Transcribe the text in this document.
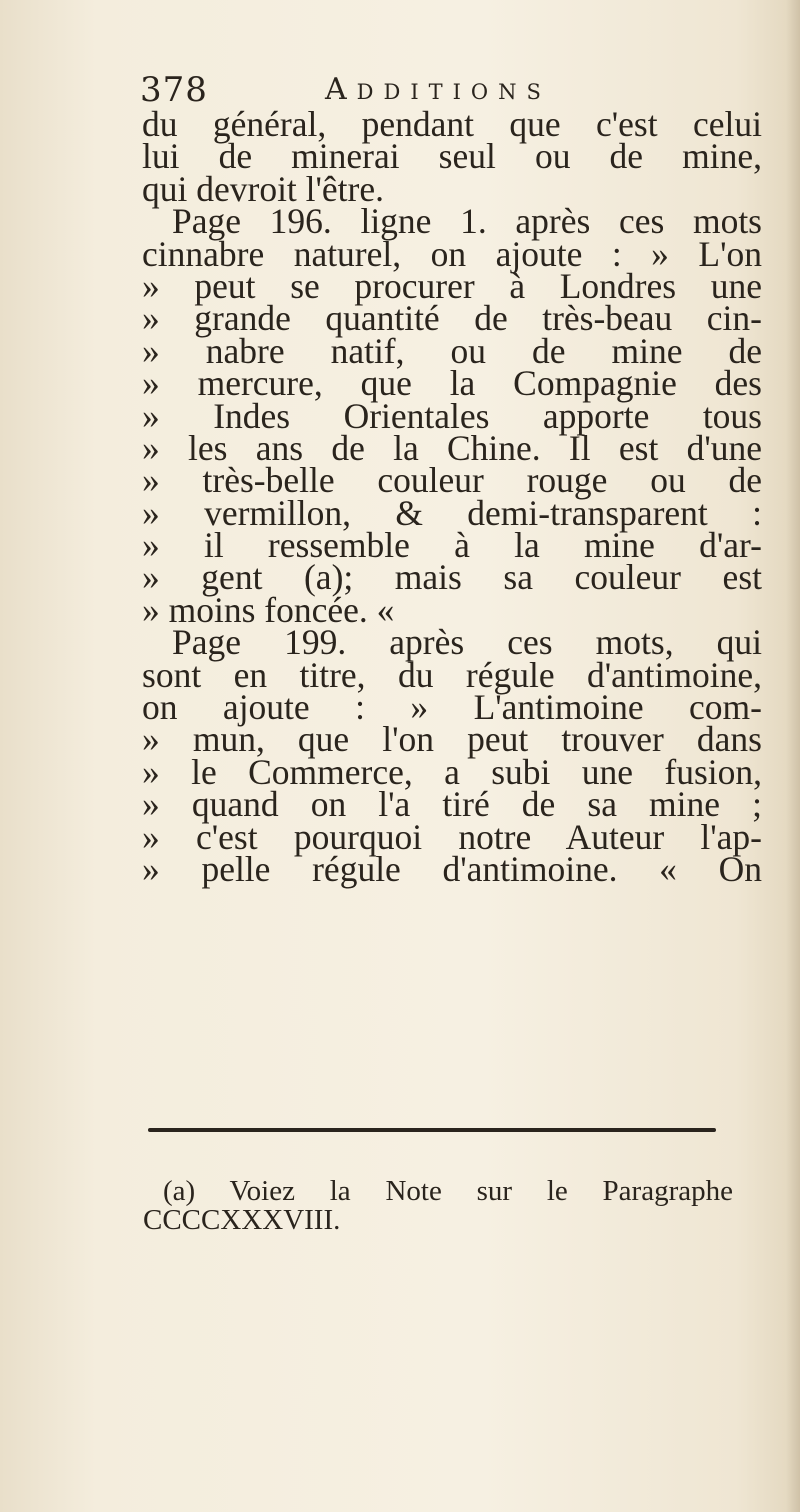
378	Additions
du général, pendant que c'est celui
lui de minerai seul ou de mine,
qui devroit l'être.
Page 196. ligne 1. après ces mots
cinnabre naturel, on ajoute : » L'on
» peut se procurer à Londres une
» grande quantité de très-beau cin-
» nabre natif, ou de mine de
» mercure, que la Compagnie des
» Indes Orientales apporte tous
» les ans de la Chine. Il est d'une
» très-belle couleur rouge ou de
» vermillon, & demi-transparent :
» il ressemble à la mine d'ar-
» gent (a); mais sa couleur est
» moins foncée. «
Page 199. après ces mots, qui
sont en titre, du régule d'antimoine,
on ajoute : » L'antimoine com-
» mun, que l'on peut trouver dans
» le Commerce, a subi une fusion,
» quand on l'a tiré de sa mine ;
» c'est pourquoi notre Auteur l'ap-
» pelle régule d'antimoine. « On
(a) Voiez la Note sur le Paragraphe
CCCCXXXVIII.
